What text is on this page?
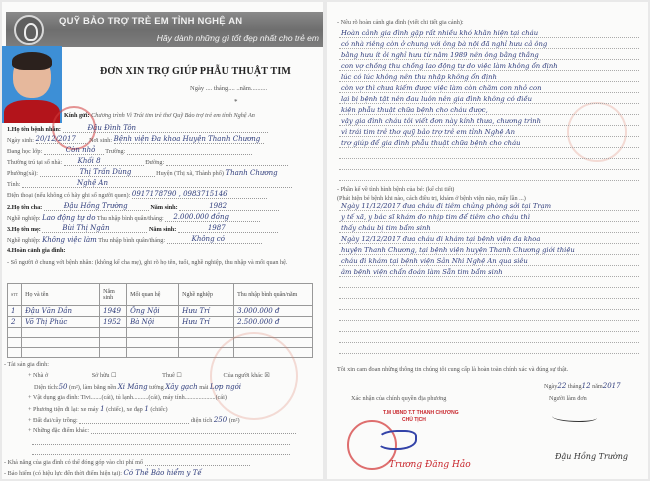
QUỸ BẢO TRỢ TRẺ EM TỈNH NGHỆ AN
Hãy dành những gì tốt đẹp nhất cho trẻ em
ĐƠN XIN TRỢ GIÚP PHẪU THUẬT TIM
Ngày .... tháng.... ..năm..........
*
Kính gửi: Chương trình Vì Trái tim trẻ thơ Quỹ Bảo trợ trẻ em tỉnh Nghệ An
1.Họ tên bệnh nhân:	Đậu Đình Tôn
Ngày sinh: 20/12/2017 Nơi sinh: Bệnh viện Đa khoa Huyện Thanh Chương
Đang học lớp:	Còn nhỏ Trường:
Thường trú tại số nhà: Khối 8	Đường:
Phường(xã):	Thị Trấn Dùng	Huyện (Thị xã, Thành phố) Thanh Chương
Tỉnh:	Nghệ An
Điện thoại (nếu không có hãy ghi số người quen): 0917178790 , 0983715146
2.Họ tên cha:	Đậu Hồng Trường	Năm sinh:	1982
Nghề nghiệp: Lao động tự do Thu nhập bình quân/tháng: 2.000.000 đồng
3.Họ tên mẹ:	Bùi Thị Ngân	Năm sinh:	1987
Nghề nghiệp: Không việc làm Thu nhập bình quân/tháng:	Không có
4.Hoàn cảnh gia đình:
- Số người ở chung với bệnh nhân: (không kể cha mẹ), ghi rõ họ tên, tuổi, nghề nghiệp, thu nhập và mối quan hệ.
STT	Họ và tên	Năm sinh	Mối quan hệ	Nghề nghiệp	Thu nhập bình quân/năm
1	Đậu Văn Dần	1949	Ông Nội	Hưu Trí	3.000.000 đ
2	Võ Thị Phúc	1952	Bà Nội	Hưu Trí	2.500.000 đ

- Tài sản gia đình:
+ Nhà ở	Sở hữu ☐	Thuê ☐	Của người khác ☒
Diện tích:50 (m²), làm bằng nền Xi Măng tường Xây gạch mái Lợp ngói
+ Vật dụng gia đình: Tivi.......(cái), tủ lạnh..........(cái), máy tính....................(cái)
+ Phương tiện đi lại: xe máy 1 (chiếc), xe đạp 1 (chiếc)
+ Đất đai/cây trồng:	diện tích 250 (m²)
+ Những đặc điểm khác:
- Khả năng của gia đình có thể đóng góp vào chi phí mổ
- Bảo hiểm (có hiệu lực đến thời điểm hiện tại): Có Thẻ Bảo hiểm y Tế
- Nêu rõ hoàn cảnh gia đình (viết chi tiết gia cảnh):
Hoàn cảnh gia đình gặp rất nhiều khó khăn hiện tại cháu
có nhà riêng còn ở chung với ông bà nội đã nghỉ hưu cả ông
bằng hưu ít ỏi nghỉ hưu từ năm 1989 nên ông bằng thắng
con vợ chồng thu chồng lao động tự do việc làm không ổn định
lúc có lúc không nên thu nhập không ổn định
còn vợ thì chưa kiếm được việc làm còn chăm con nhỏ con
lại bị bệnh tật nên đau luôn nên gia đình không có điều
kiện phẫu thuật chữa bệnh cho cháu được,
vậy gia đình cháu tôi viết đơn này kính thưa, chương trình
vì trái tim trẻ thơ quỹ bảo trợ trẻ em tỉnh Nghệ An
trợ giúp để gia đình phẫu thuật chữa bệnh cho cháu
- Phần kể về tình hình bệnh của bé: (kể chi tiết)
(Phát hiện bé bệnh khi nào, cách điều trị, khám ở bệnh viện nào, mấy lần ...)
Ngày 11/12/2017 đưa cháu đi tiêm chủng phòng sởi tại Trạm
y tế xã, y bác sĩ khám đo nhịp tim để tiêm cho cháu thì
thấy cháu bị tim bẩm sinh
Ngày 12/12/2017 đưa cháu đi khám tại bệnh viện đa khoa
huyện Thanh Chương, tại bệnh viện huyện Thanh Chương giới thiệu
cháu đi khám tại bệnh viện Sản Nhi Nghệ An qua siêu
âm bệnh viện chẩn đoán làm Sẵn tim bẩm sinh
Tôi xin cam đoan những thông tin chúng tôi cung cấp là hoàn toàn chính xác và đúng sự thật.
Ngày22 tháng12 năm2017
Xác nhận của chính quyền địa phương	Người làm đơn
T.M UBND T.T THANH CHƯƠNG
CHỦ TỊCH
Trương Đăng Hảo
Đậu Hồng Trường
